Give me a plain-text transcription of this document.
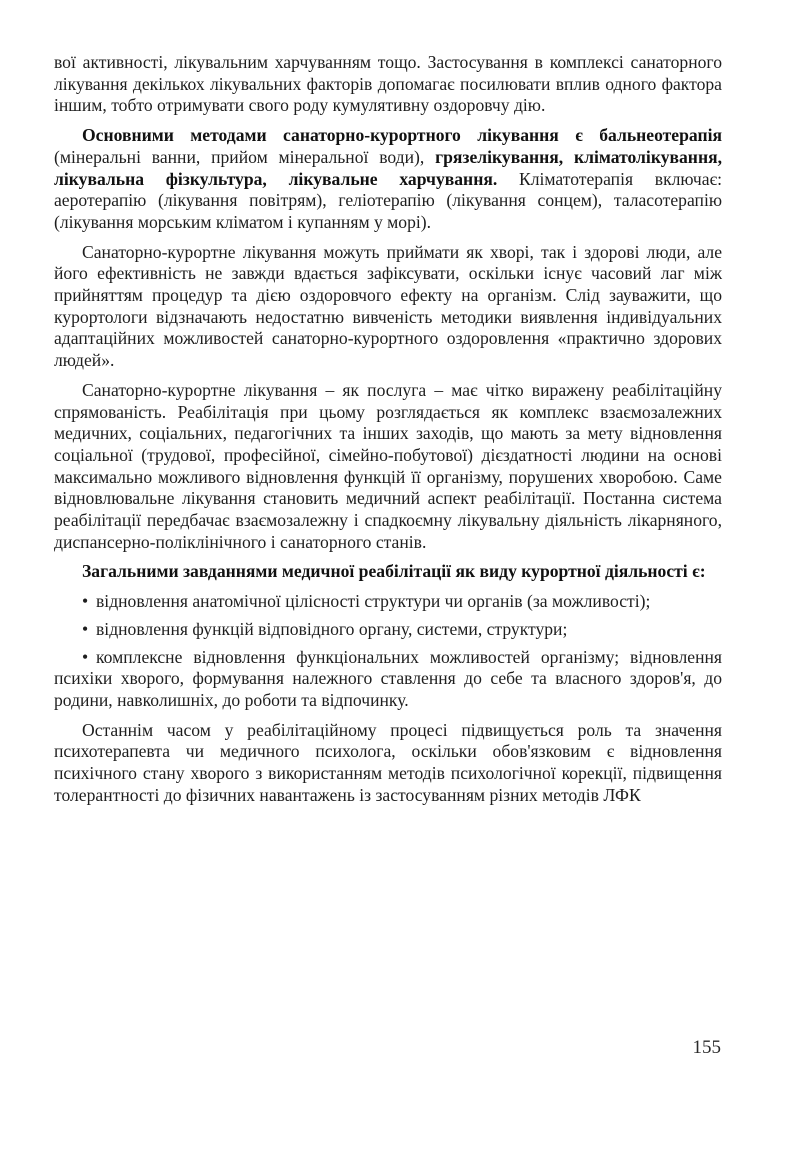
вої активності, лікувальним харчуванням тощо. Застосування в комплексі санаторного лікування декількох лікувальних факторів допомагає посилювати вплив одного фактора іншим, тобто отримувати свого роду кумулятивну оздоровчу дію.

Основними методами санаторно-курортного лікування є бальнеотерапія (мінеральні ванни, прийом мінеральної води), грязелікування, кліматолікування, лікувальна фізкультура, лікувальне харчування. Кліматотерапія включає: аеротерапію (лікування повітрям), геліотерапію (лікування сонцем), таласотерапію (лікування морським кліматом і купанням у морі).

Санаторно-курортне лікування можуть приймати як хворі, так і здорові люди, але його ефективність не завжди вдається зафіксувати, оскільки існує часовий лаг між прийняттям процедур та дією оздоровчого ефекту на організм. Слід зауважити, що курортологи відзначають недостатню вивченість методики виявлення індивідуальних адаптаційних можливостей санаторно-курортного оздоровлення «практично здорових людей».

Санаторно-курортне лікування – як послуга – має чітко виражену реабілітаційну спрямованість. Реабілітація при цьому розглядається як комплекс взаємозалежних медичних, соціальних, педагогічних та інших заходів, що мають за мету відновлення соціальної (трудової, професійної, сімейно-побутової) дієздатності людини на основі максимально можливого відновлення функцій її організму, порушених хворобою. Саме відновлювальне лікування становить медичний аспект реабілітації. Постанна система реабілітації передбачає взаємозалежну і спадкоємну лікувальну діяльність лікарняного, диспансерно-поліклінічного і санаторного станів.

Загальними завданнями медичної реабілітації як виду курортної діяльності є:

• відновлення анатомічної цілісності структури чи органів (за можливості);
• відновлення функцій відповідного органу, системи, структури;
• комплексне відновлення функціональних можливостей організму; відновлення психіки хворого, формування належного ставлення до себе та власного здоров'я, до родини, навколишніх, до роботи та відпочинку.

Останнім часом у реабілітаційному процесі підвищується роль та значення психотерапевта чи медичного психолога, оскільки обов'язковим є відновлення психічного стану хворого з використанням методів психологічної корекції, підвищення толерантності до фізичних навантажень із застосуванням різних методів ЛФК

155
